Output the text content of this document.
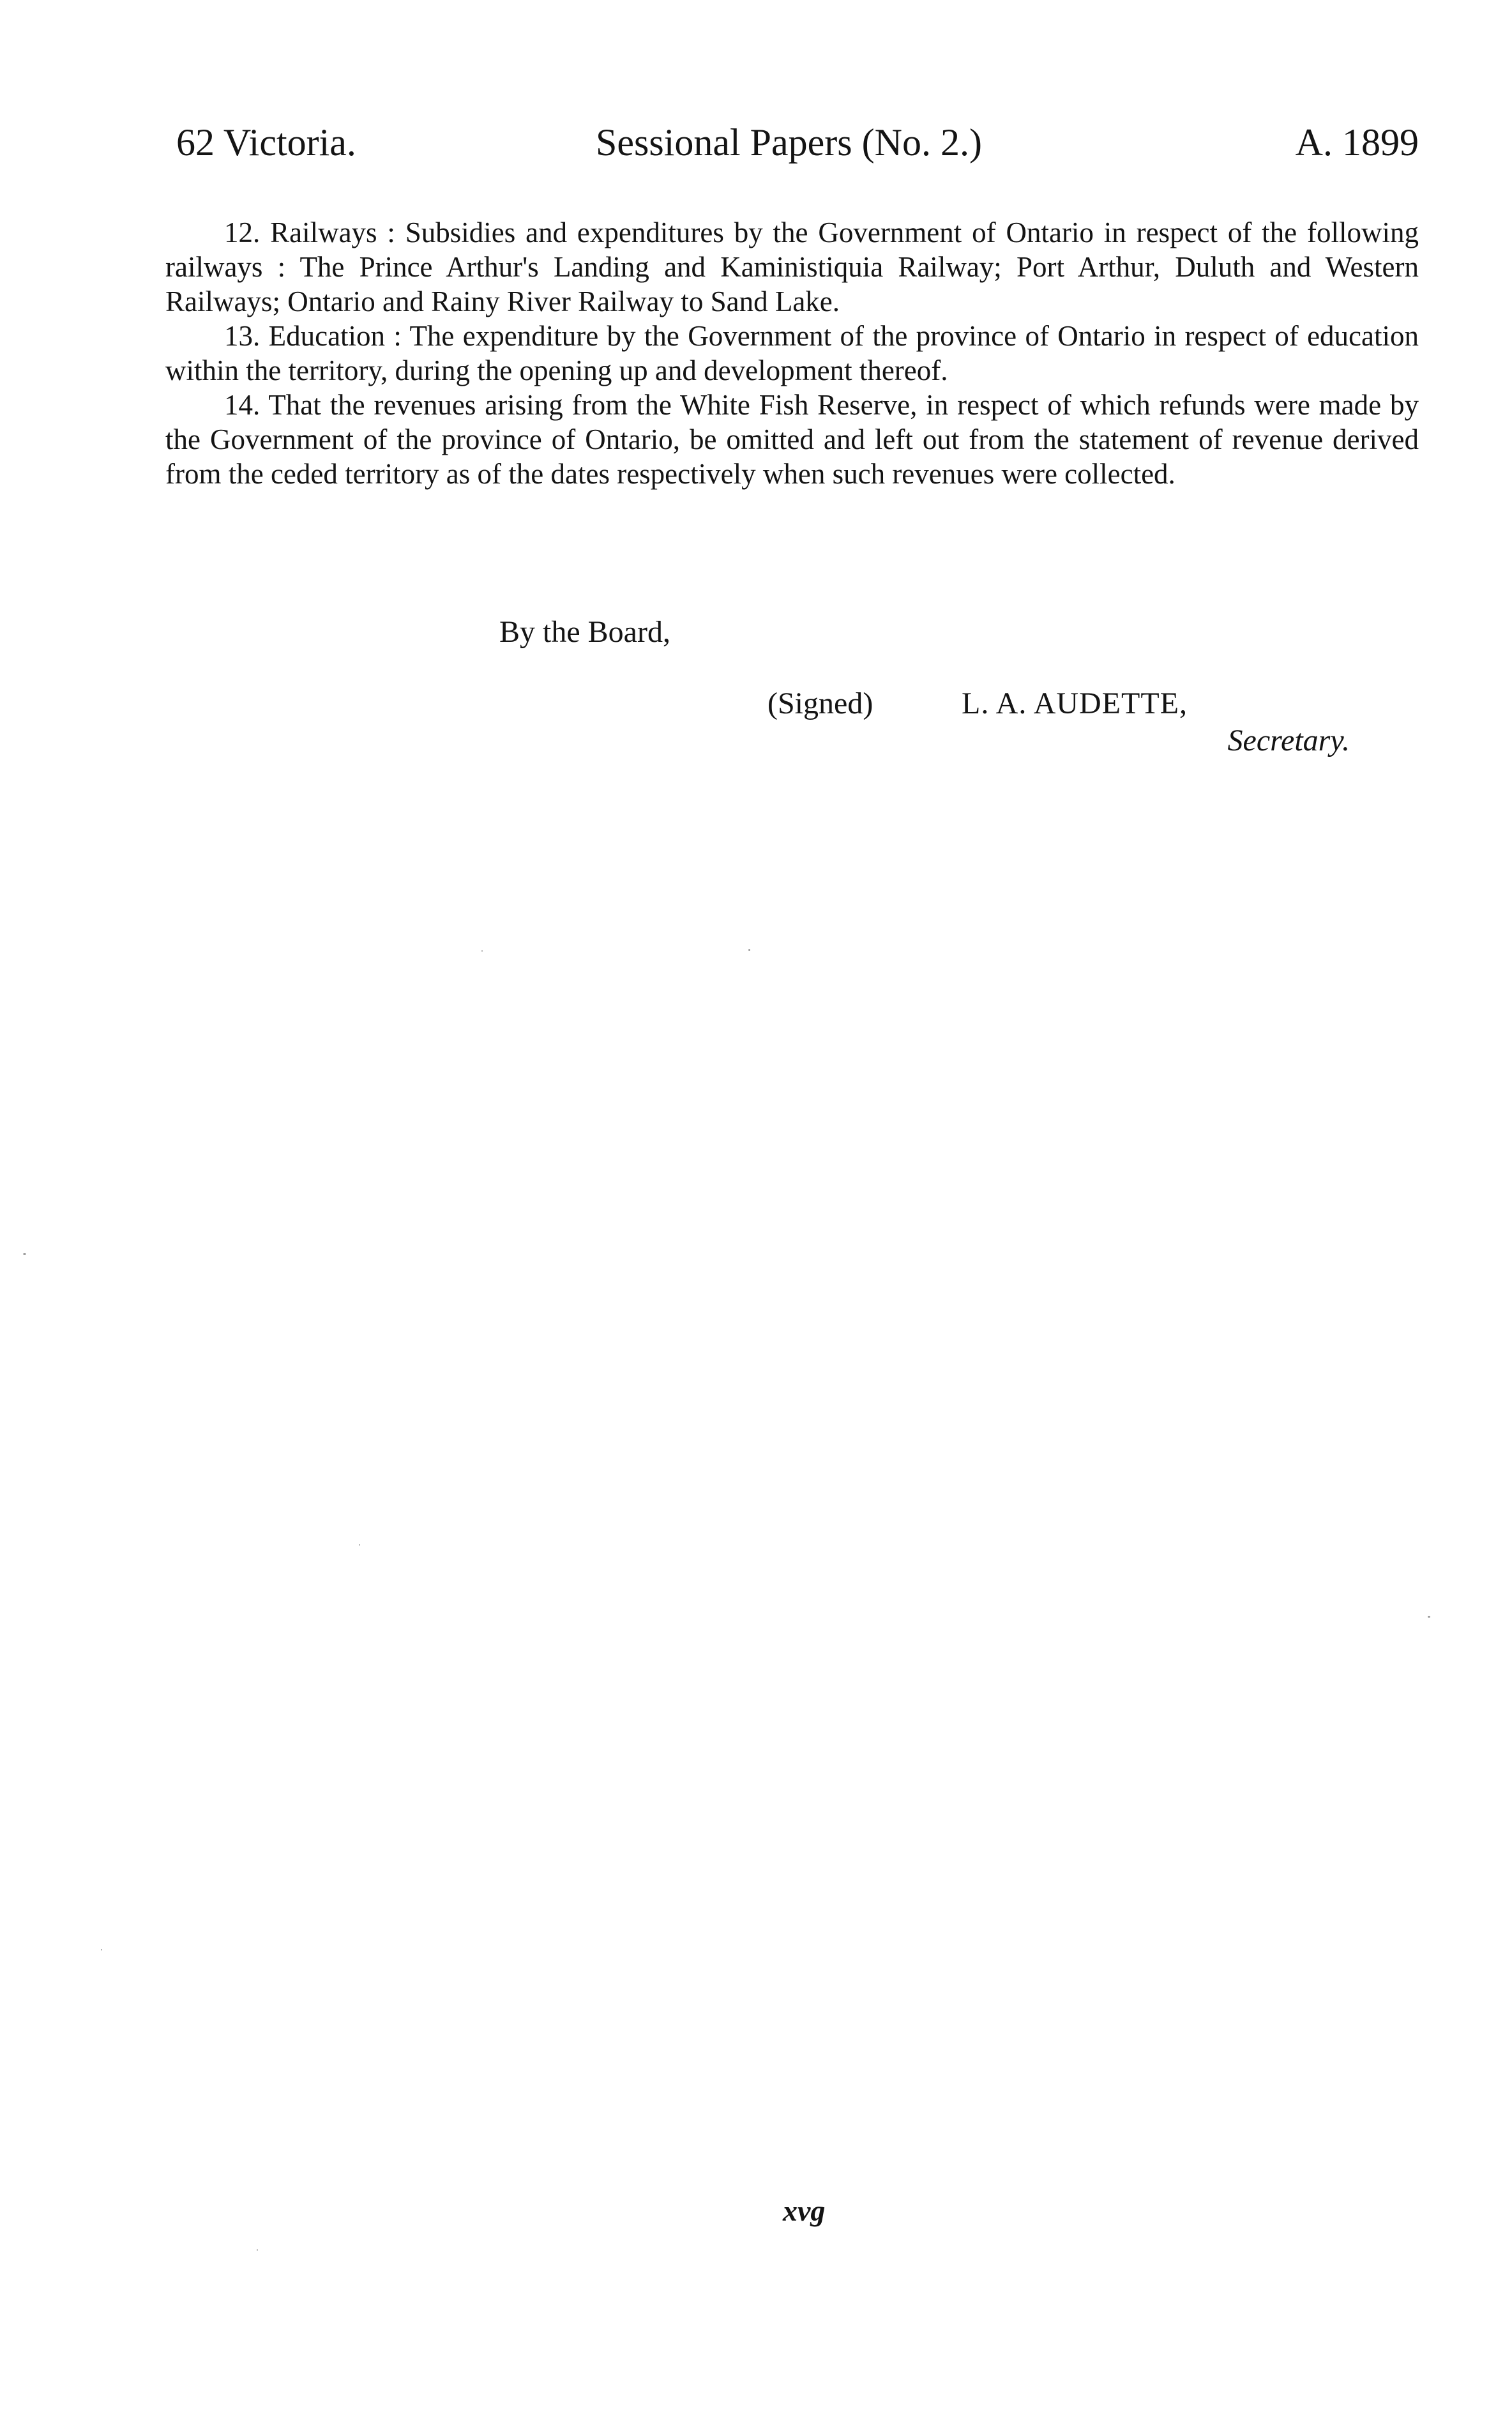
62 Victoria.	Sessional Papers (No. 2.)	A. 1899

12. Railways : Subsidies and expenditures by the Government of Ontario in respect of the following railways : The Prince Arthur's Landing and Kaministiquia Railway; Port Arthur, Duluth and Western Railways; Ontario and Rainy River Railway to Sand Lake.

13. Education : The expenditure by the Government of the province of Ontario in respect of education within the territory, during the opening up and development thereof.

14. That the revenues arising from the White Fish Reserve, in respect of which refunds were made by the Government of the province of Ontario, be omitted and left out from the statement of revenue derived from the ceded territory as of the dates respectively when such revenues were collected.

By the Board,
(Signed)	L. A. AUDETTE,
Secretary.
xvg
